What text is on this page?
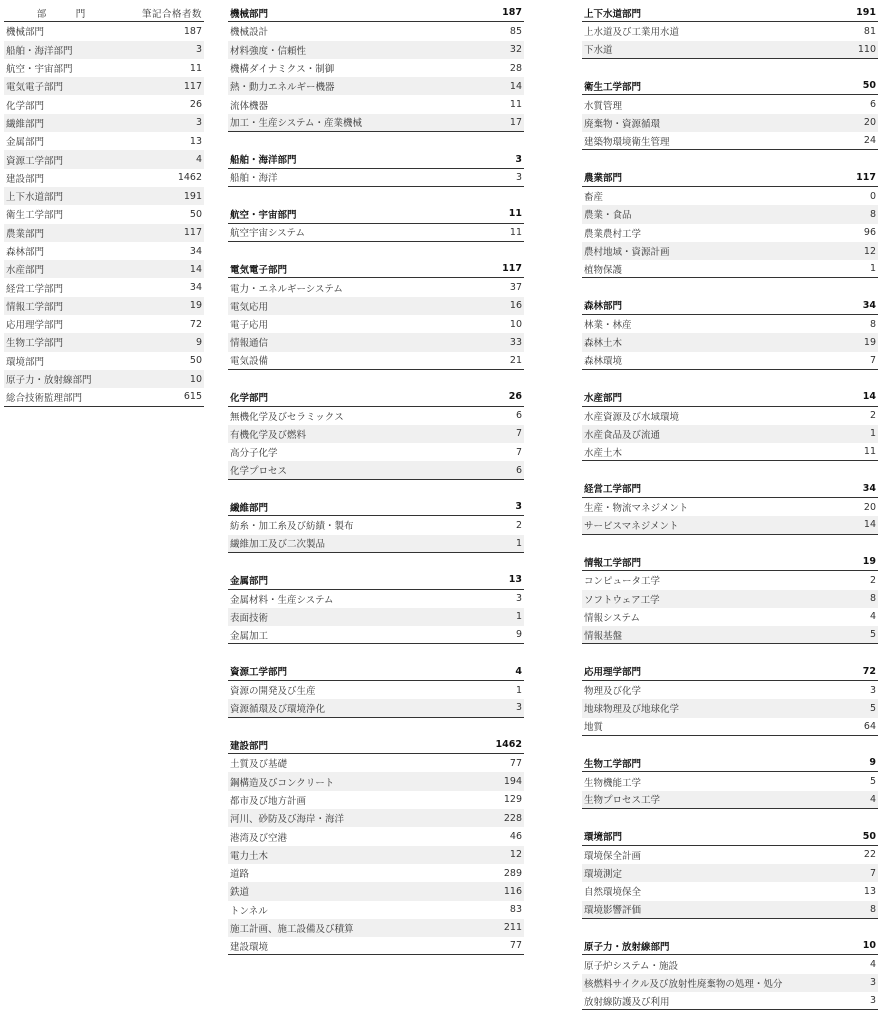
部　門	筆記合格者数
機械部門	187
船舶・海洋部門	3
航空・宇宙部門	11
電気電子部門	117
化学部門	26
繊維部門	3
金属部門	13
資源工学部門	4
建設部門	1462
上下水道部門	191
衛生工学部門	50
農業部門	117
森林部門	34
水産部門	14
経営工学部門	34
情報工学部門	19
応用理学部門	72
生物工学部門	9
環境部門	50
原子力・放射線部門	10
総合技術監理部門	615
機械部門	187
機械設計	85
材料強度・信頼性	32
機構ダイナミクス・制御	28
熱・動力エネルギー機器	14
流体機器	11
加工・生産システム・産業機械	17
船舶・海洋部門	3
船舶・海洋	3
航空・宇宙部門	11
航空宇宙システム	11
電気電子部門	117
電力・エネルギーシステム	37
電気応用	16
電子応用	10
情報通信	33
電気設備	21
化学部門	26
無機化学及びセラミックス	6
有機化学及び燃料	7
高分子化学	7
化学プロセス	6
繊維部門	3
紡糸・加工糸及び紡績・製布	2
繊維加工及び二次製品	1
金属部門	13
金属材料・生産システム	3
表面技術	1
金属加工	9
資源工学部門	4
資源の開発及び生産	1
資源循環及び環境浄化	3
建設部門	1462
土質及び基礎	77
鋼構造及びコンクリート	194
都市及び地方計画	129
河川、砂防及び海岸・海洋	228
港湾及び空港	46
電力土木	12
道路	289
鉄道	116
トンネル	83
施工計画、施工設備及び積算	211
建設環境	77
上下水道部門	191
上水道及び工業用水道	81
下水道	110
衛生工学部門	50
水質管理	6
廃棄物・資源循環	20
建築物環境衛生管理	24
農業部門	117
畜産	0
農業・食品	8
農業農村工学	96
農村地域・資源計画	12
植物保護	1
森林部門	34
林業・林産	8
森林土木	19
森林環境	7
水産部門	14
水産資源及び水域環境	2
水産食品及び流通	1
水産土木	11
経営工学部門	34
生産・物流マネジメント	20
サービスマネジメント	14
情報工学部門	19
コンピュータ工学	2
ソフトウェア工学	8
情報システム	4
情報基盤	5
応用理学部門	72
物理及び化学	3
地球物理及び地球化学	5
地質	64
生物工学部門	9
生物機能工学	5
生物プロセス工学	4
環境部門	50
環境保全計画	22
環境測定	7
自然環境保全	13
環境影響評価	8
原子力・放射線部門	10
原子炉システム・施設	4
核燃料サイクル及び放射性廃棄物の処理・処分	3
放射線防護及び利用	3
